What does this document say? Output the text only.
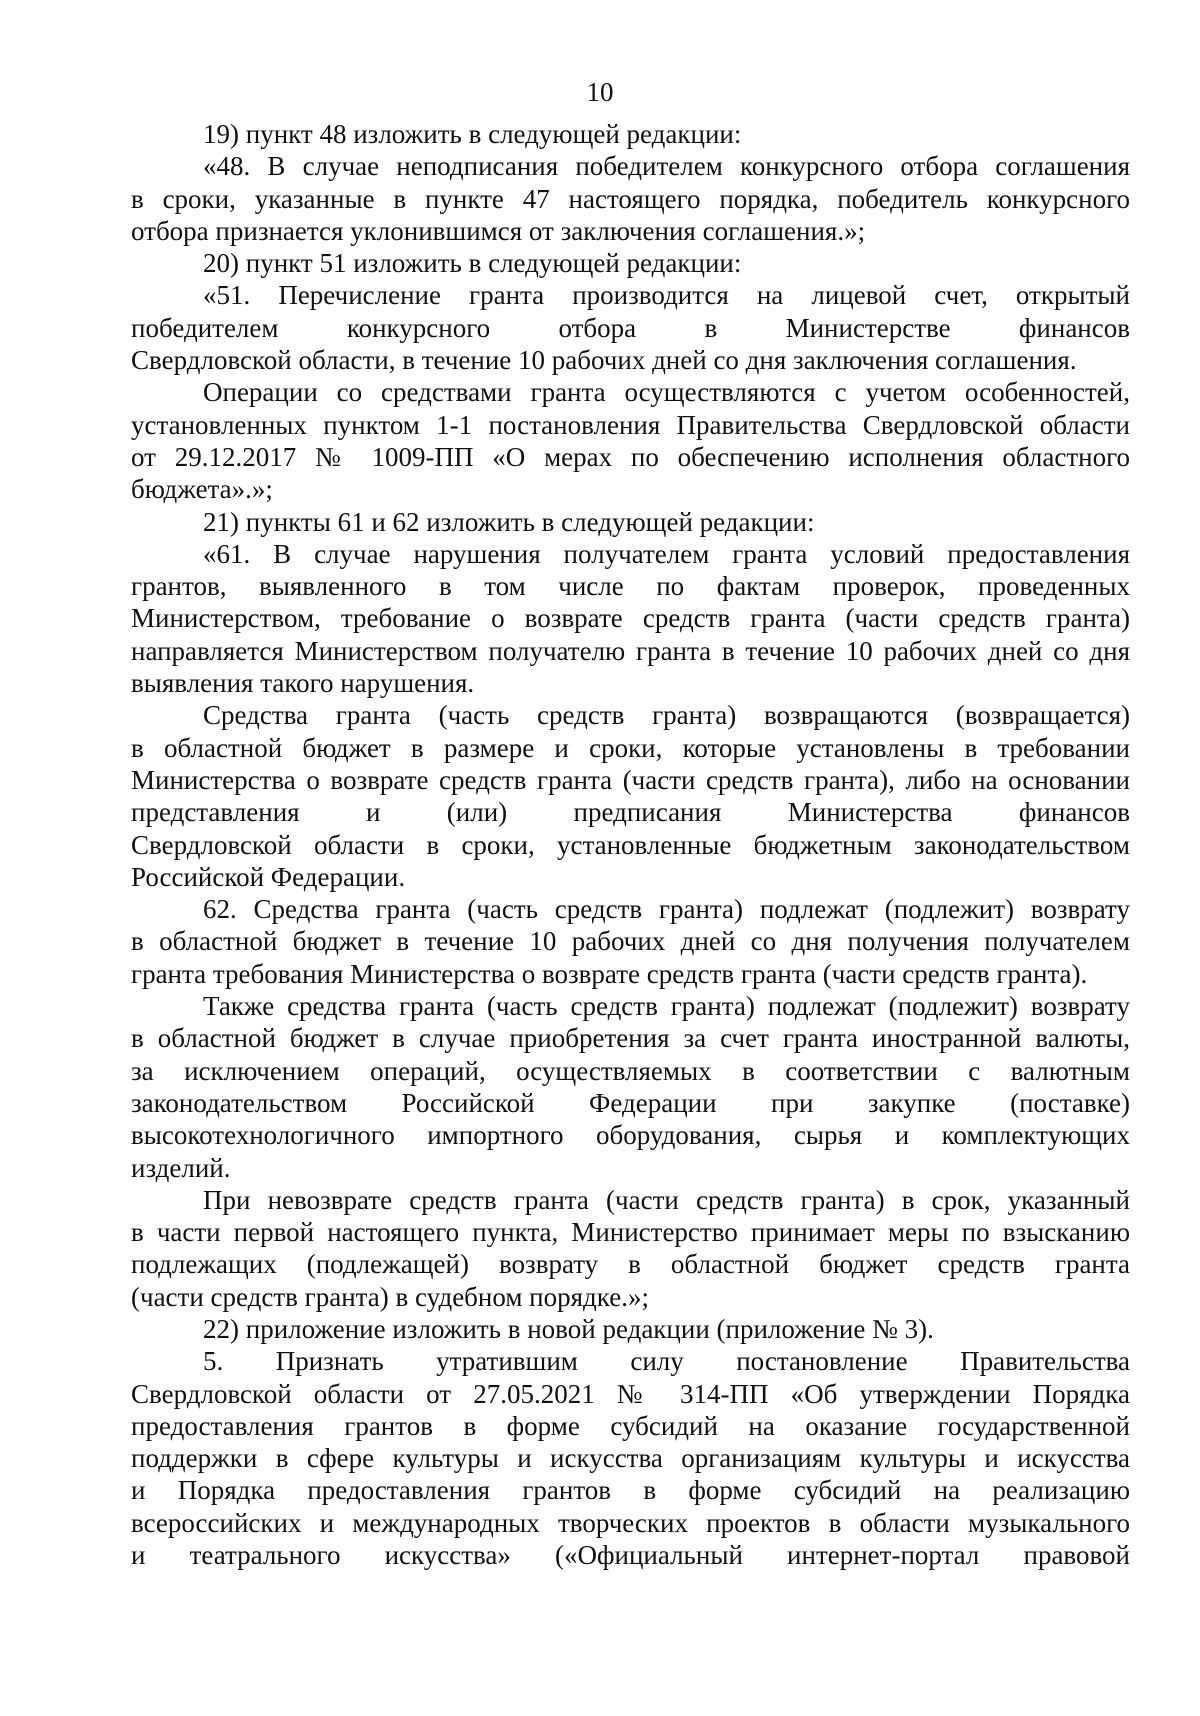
10
19) пункт 48 изложить в следующей редакции:
«48. В случае неподписания победителем конкурсного отбора соглашения
в сроки, указанные в пункте 47 настоящего порядка, победитель конкурсного
отбора признается уклонившимся от заключения соглашения.»;
20) пункт 51 изложить в следующей редакции:
«51. Перечисление гранта производится на лицевой счет, открытый
победителем конкурсного отбора в Министерстве финансов
Свердловской области, в течение 10 рабочих дней со дня заключения соглашения.
Операции со средствами гранта осуществляются с учетом особенностей,
установленных пунктом 1-1 постановления Правительства Свердловской области
от 29.12.2017 № 1009-ПП «О мерах по обеспечению исполнения областного
бюджета».»;
21) пункты 61 и 62 изложить в следующей редакции:
«61. В случае нарушения получателем гранта условий предоставления
грантов, выявленного в том числе по фактам проверок, проведенных
Министерством, требование о возврате средств гранта (части средств гранта)
направляется Министерством получателю гранта в течение 10 рабочих дней со дня
выявления такого нарушения.
Средства гранта (часть средств гранта) возвращаются (возвращается)
в областной бюджет в размере и сроки, которые установлены в требовании
Министерства о возврате средств гранта (части средств гранта), либо на основании
представления и (или) предписания Министерства финансов
Свердловской области в сроки, установленные бюджетным законодательством
Российской Федерации.
62. Средства гранта (часть средств гранта) подлежат (подлежит) возврату
в областной бюджет в течение 10 рабочих дней со дня получения получателем
гранта требования Министерства о возврате средств гранта (части средств гранта).
Также средства гранта (часть средств гранта) подлежат (подлежит) возврату
в областной бюджет в случае приобретения за счет гранта иностранной валюты,
за исключением операций, осуществляемых в соответствии с валютным
законодательством Российской Федерации при закупке (поставке)
высокотехнологичного импортного оборудования, сырья и комплектующих
изделий.
При невозврате средств гранта (части средств гранта) в срок, указанный
в части первой настоящего пункта, Министерство принимает меры по взысканию
подлежащих (подлежащей) возврату в областной бюджет средств гранта
(части средств гранта) в судебном порядке.»;
22) приложение изложить в новой редакции (приложение № 3).
5. Признать утратившим силу постановление Правительства
Свердловской области от 27.05.2021 № 314-ПП «Об утверждении Порядка
предоставления грантов в форме субсидий на оказание государственной
поддержки в сфере культуры и искусства организациям культуры и искусства
и Порядка предоставления грантов в форме субсидий на реализацию
всероссийских и международных творческих проектов в области музыкального
и театрального искусства» («Официальный интернет-портал правовой
